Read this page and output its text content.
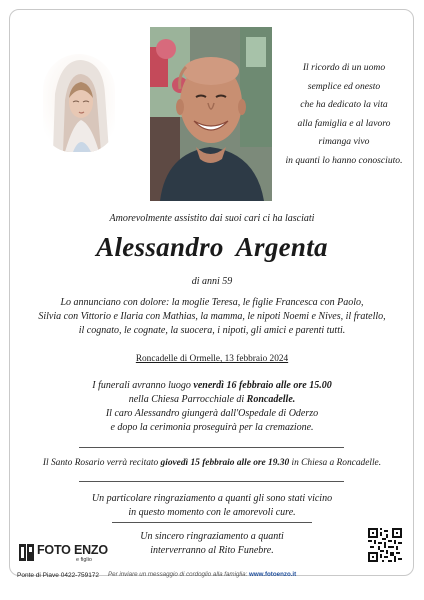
Il ricordo di un uomo
semplice ed onesto
che ha dedicato la vita
alla famiglia e al lavoro
rimanga vivo
in quanti lo hanno conosciuto.
Amorevolmente assistito dai suoi cari ci ha lasciati
Alessandro Argenta
di anni 59
Lo annunciano con dolore: la moglie Teresa, le figlie Francesca con Paolo,
Silvia con Vittorio e Ilaria con Mathias, la mamma, le nipoti Noemi e Nives, il fratello,
il cognato, le cognate, la suocera, i nipoti, gli amici e parenti tutti.
Roncadelle di Ormelle, 13 febbraio 2024
I funerali avranno luogo venerdì 16 febbraio alle ore 15.00
nella Chiesa Parrocchiale di Roncadelle.
Il caro Alessandro giungerà dall'Ospedale di Oderzo
e dopo la cerimonia proseguirà per la cremazione.
Il Santo Rosario verrà recitato giovedì 15 febbraio alle ore 19.30 in Chiesa a Roncadelle.
Un particolare ringraziamento a quanti gli sono stati vicino
in questo momento con le amorevoli cure.
Un sincero ringraziamento a quanti
interverranno al Rito Funebre.
FOTO ENZO
e figlio
Ponte di Piave 0422-759172 Per inviare un messaggio di cordoglio alla famiglia: www.fotoenzo.it
